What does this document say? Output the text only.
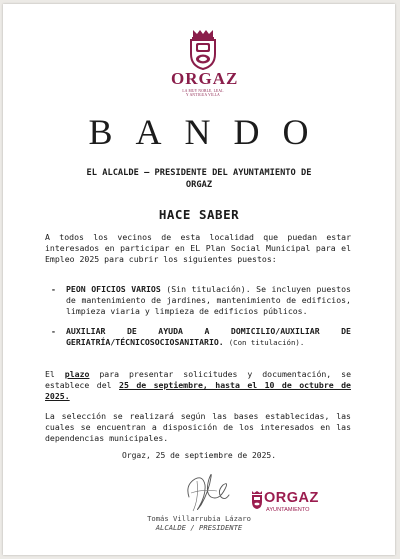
ORGAZ
LA MUY NOBLE, LEAL
Y ANTIGUA VILLA
BANDO
EL ALCALDE – PRESIDENTE DEL AYUNTAMIENTO DE
ORGAZ
HACE SABER
A todos los vecinos de esta localidad que puedan estar interesados en participar en EL Plan Social Municipal para el Empleo 2025 para cubrir los siguientes puestos:
- PEON OFICIOS VARIOS (Sin titulación). Se incluyen puestos de mantenimiento de jardines, mantenimiento de edificios, limpieza viaria y limpieza de edificios públicos.
- AUXILIAR DE AYUDA A DOMICILIO/AUXILIAR DE GERIATRÍA/TÉCNICOSOCIOSANITARIO. (Con titulación).
El plazo para presentar solicitudes y documentación, se establece del 25 de septiembre, hasta el 10 de octubre de 2025.
La selección se realizará según las bases establecidas, las cuales se encuentran a disposición de los interesados en las dependencias municipales.
Orgaz, 25 de septiembre de 2025.
ORGAZ
AYUNTAMIENTO
Tomás Villarrubia Lázaro
ALCALDE / PRESIDENTE
